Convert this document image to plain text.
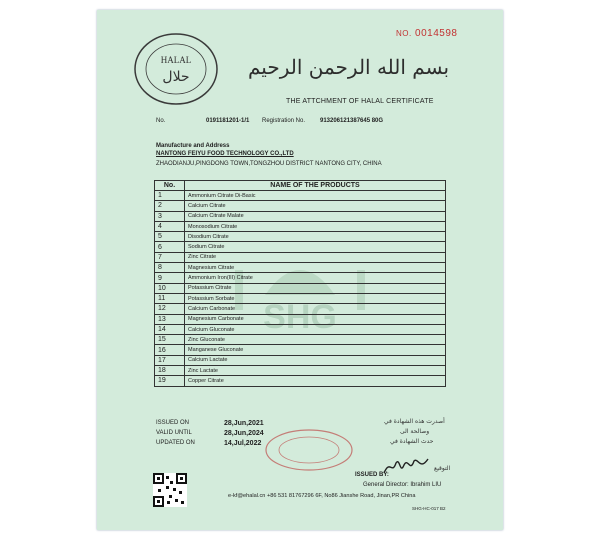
NO. 0014598
HALAL
حلال	بسم الله الرحمن الرحيم
THE ATTCHMENT OF HALAL CERTIFICATE
No.	0191181201-1/1 Registration No. 913206121387645 80G
Manufacture and Address
NANTONG FEIYU FOOD TECHNOLOGY CO.,LTD
ZHAODIANJU,PINGDONG TOWN, TONGZHOU DISTRICT NANTONG CITY, CHINA
SHG
No.	NAME OF THE PRODUCTS
1	Ammonium Citrate Di-Basic
2	Calcium Citrate
3	Calcium Citrate Malate
4	Monosodium Citrate
5	Disodium Citrate
6	Sodium Citrate
7	Zinc Citrate
8	Magnesium Citrate
9	Ammonium Iron(III) Citrate
10	Potassium Citrate
11	Potassium Sorbate
12	Calcium Carbonate
13	Magnesium Carbonate
14	Calcium Gluconate
15	Zinc Gluconate
16	Manganese Gluconate
17	Calcium Lactate
18	Zinc Lactate
19	Copper Citrate
ISSUED ON	28,Jun,2021
VALID UNTIL	28,Jun,2024
UPDATED ON	14,Jul,2022
أصدرت هذه الشهادة في
وصالحة الى
حدث الشهادة في
ISSUED BY:
التوقيع
General Director: Ibrahim LIU
e-kf@ehalal.cn +86 531 81767296 6F, No86 Jianshe Road, Jinan,PR China
SHG-HC-017 B2
